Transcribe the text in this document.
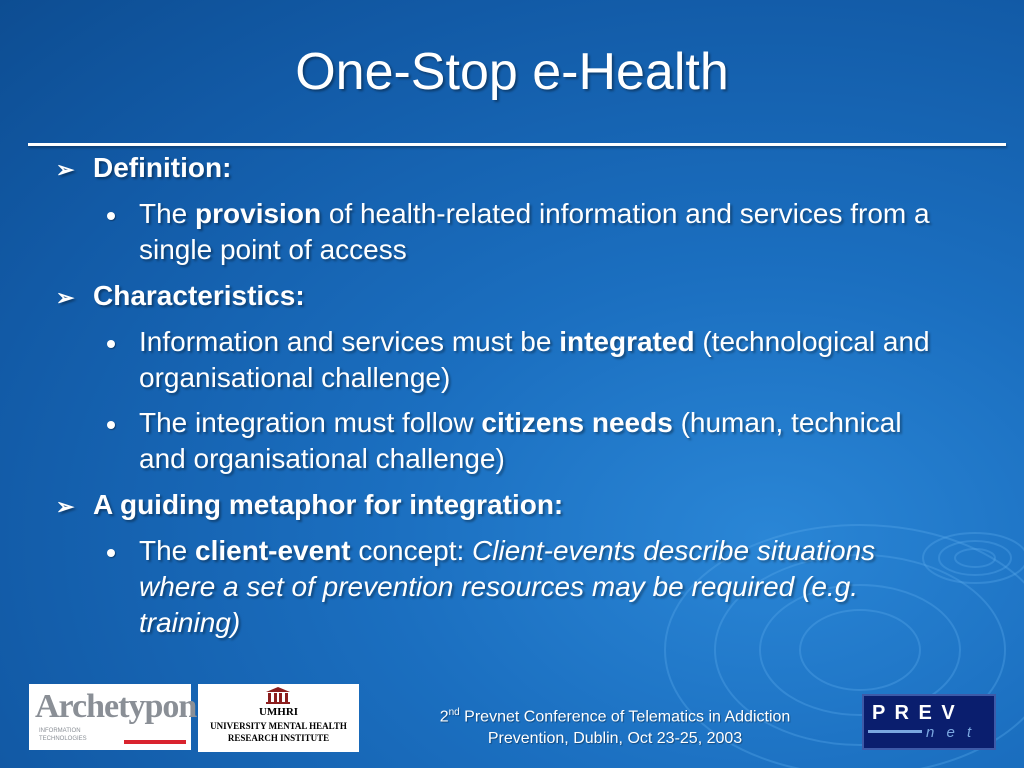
One-Stop e-Health
➢ Definition:
The provision of health-related information and services from a single point of access
➢ Characteristics:
Information and services must be integrated (technological and organisational challenge)
The integration must follow citizens needs (human, technical and organisational challenge)
➢ A guiding metaphor for integration:
The client-event concept: Client-events describe situations where a set of prevention resources may be required (e.g. training)
Archetypon
INFORMATION
TECHNOLOGIES
UMHRI
UNIVERSITY MENTAL HEALTH
RESEARCH INSTITUTE
2nd Prevnet Conference of Telematics in Addiction
Prevention, Dublin, Oct 23-25, 2003
P R E V
n e t
